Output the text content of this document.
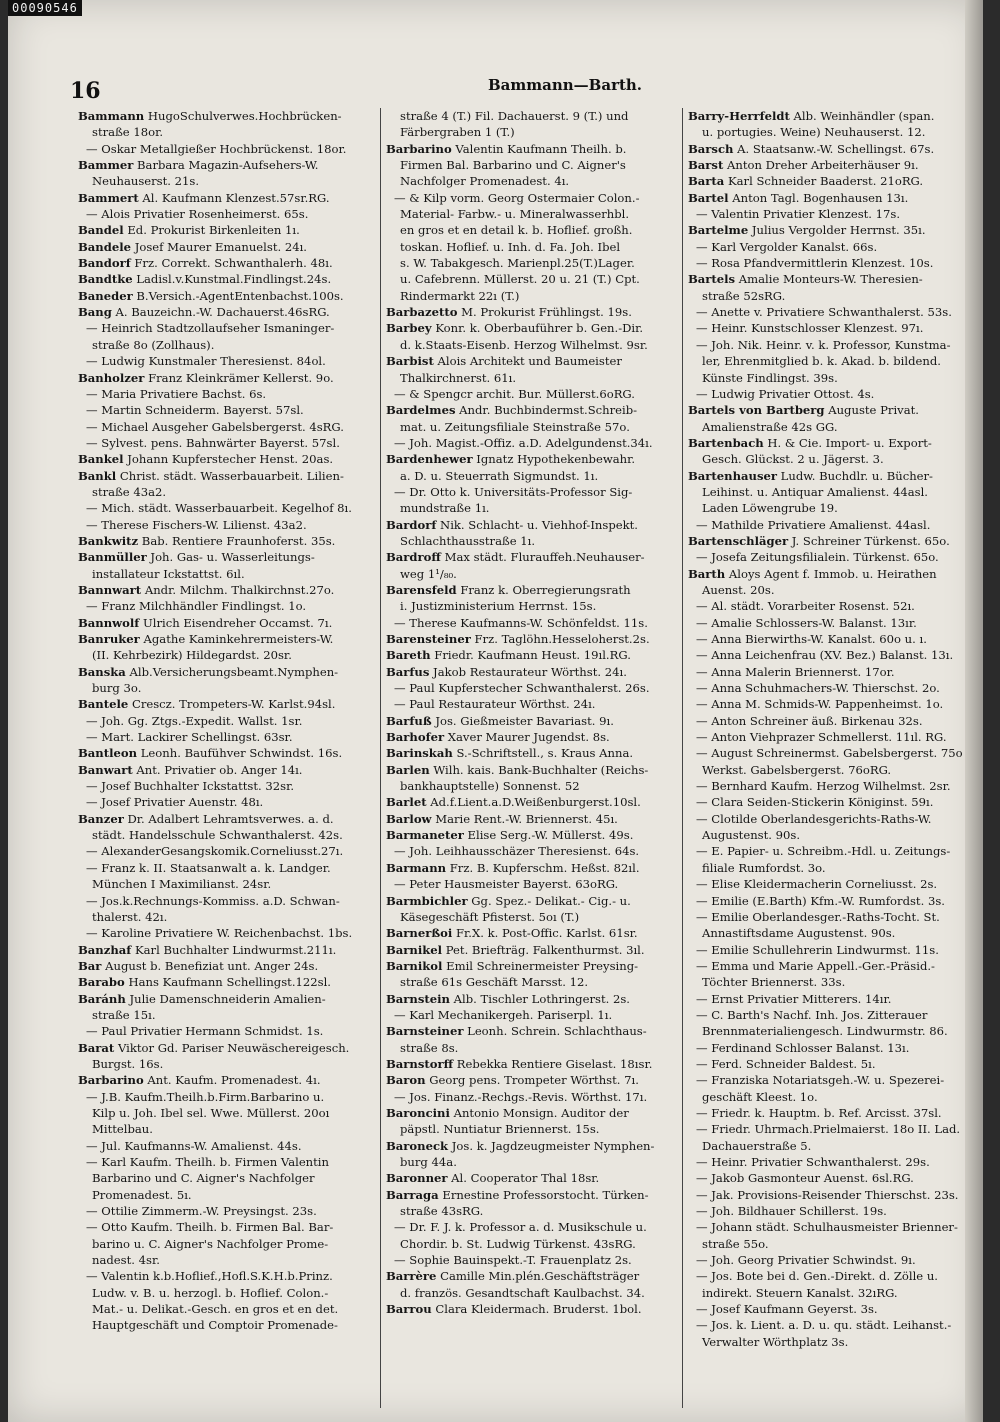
00090546
16	Bammann—Barth.
Bammann HugoSchulverwes.Hochbrücken-
straße 18or.
— Oskar Metallgießer Hochbrückenst. 18or.
Bammer Barbara Magazin-Aufsehers-W.
Neuhauserst. 21s.
Bammert Al. Kaufmann Klenzest.57sr.RG.
— Alois Privatier Rosenheimerst. 65s.
Bandel Ed. Prokurist Birkenleiten 1ı.
Bandele Josef Maurer Emanuelst. 24ı.
Bandorf Frz. Correkt. Schwanthalerh. 48ı.
Bandtke Ladisl.v.Kunstmal.Findlingst.24s.
Baneder B.Versich.-AgentEntenbachst.100s.
Bang A. Bauzeichn.-W. Dachauerst.46sRG.
— Heinrich Stadtzollaufseher Ismaninger-
straße 8o (Zollhaus).
— Ludwig Kunstmaler Theresienst. 84ol.
Banholzer Franz Kleinkrämer Kellerst. 9o.
— Maria Privatiere Bachst. 6s.
— Martin Schneiderm. Bayerst. 57sl.
— Michael Ausgeher Gabelsbergerst. 4sRG.
— Sylvest. pens. Bahnwärter Bayerst. 57sl.
Bankel Johann Kupferstecher Henst. 20as.
Bankl Christ. städt. Wasserbauarbeit. Lilien-
straße 43a2.
— Mich. städt. Wasserbauarbeit. Kegelhof 8ı.
— Therese Fischers-W. Lilienst. 43a2.
Bankwitz Bab. Rentiere Fraunhoferst. 35s.
Banmüller Joh. Gas- u. Wasserleitungs-
installateur Ickstattst. 6ıl.
Bannwart Andr. Milchm. Thalkirchnst.27o.
— Franz Milchhändler Findlingst. 1o.
Bannwolf Ulrich Eisendreher Occamst. 7ı.
Banruker Agathe Kaminkehrermeisters-W.
(II. Kehrbezirk) Hildegardst. 20sr.
Banska Alb.Versicherungsbeamt.Nymphen-
burg 3o.
Bantele Crescz. Trompeters-W. Karlst.94sl.
— Joh. Gg. Ztgs.-Expedit. Wallst. 1sr.
— Mart. Lackirer Schellingst. 63sr.
Bantleon Leonh. Baufühver Schwindst. 16s.
Banwart Ant. Privatier ob. Anger 14ı.
— Josef Buchhalter Ickstattst. 32sr.
— Josef Privatier Auenstr. 48ı.
Banzer Dr. Adalbert Lehramtsverwes. a. d.
städt. Handelsschule Schwanthalerst. 42s.
— AlexanderGesangskomik.Corneliusst.27ı.
— Franz k. II. Staatsanwalt a. k. Landger.
München I Maximilianst. 24sr.
— Jos.k.Rechnungs-Kommiss. a.D. Schwan-
thalerst. 42ı.
— Karoline Privatiere W. Reichenbachst. 1bs.
Banzhaf Karl Buchhalter Lindwurmst.211ı.
Bar August b. Benefiziat unt. Anger 24s.
Barabo Hans Kaufmann Schellingst.122sl.
Baránh Julie Damenschneiderin Amalien-
straße 15ı.
— Paul Privatier Hermann Schmidst. 1s.
Barat Viktor Gd. Pariser Neuwäschereigesch.
Burgst. 16s.
Barbarino Ant. Kaufm. Promenadest. 4ı.
— J.B. Kaufm.Theilh.b.Firm.Barbarino u.
Kilp u. Joh. Ibel sel. Wwe. Müllerst. 20oı
Mittelbau.
— Jul. Kaufmanns-W. Amalienst. 44s.
— Karl Kaufm. Theilh. b. Firmen Valentin
Barbarino und C. Aigner's Nachfolger
Promenadest. 5ı.
— Ottilie Zimmerm.-W. Preysingst. 23s.
— Otto Kaufm. Theilh. b. Firmen Bal. Bar-
barino u. C. Aigner's Nachfolger Prome-
nadest. 4sr.
— Valentin k.b.Hoflief.,Hofl.S.K.H.b.Prinz.
Ludw. v. B. u. herzogl. b. Hoflief. Colon.-
Mat.- u. Delikat.-Gesch. en gros et en det.
Hauptgeschäft und Comptoir Promenade-
straße 4 (T.) Fil. Dachauerst. 9 (T.) und
Färbergraben 1 (T.)
Barbarino Valentin Kaufmann Theilh. b.
Firmen Bal. Barbarino und C. Aigner's
Nachfolger Promenadest. 4ı.
— & Kilp vorm. Georg Ostermaier Colon.-
Material- Farbw.- u. Mineralwasserhbl.
en gros et en detail k. b. Hoflief. großh.
toskan. Hoflief. u. Inh. d. Fa. Joh. Ibel
s. W. Tabakgesch. Marienpl.25(T.)Lager.
u. Cafebrenn. Müllerst. 20 u. 21 (T.) Cpt.
Rindermarkt 22ı (T.)
Barbazetto M. Prokurist Frühlingst. 19s.
Barbey Konr. k. Oberbauführer b. Gen.-Dir.
d. k.Staats-Eisenb. Herzog Wilhelmst. 9sr.
Barbist Alois Architekt und Baumeister
Thalkirchnerst. 61ı.
— & Spengcr archit. Bur. Müllerst.6oRG.
Bardelmes Andr. Buchbindermst.Schreib-
mat. u. Zeitungsfiliale Steinstraße 57o.
— Joh. Magist.-Offiz. a.D. Adelgundenst.34ı.
Bardenhewer Ignatz Hypothekenbewahr.
a. D. u. Steuerrath Sigmundst. 1ı.
— Dr. Otto k. Universitäts-Professor Sig-
mundstraße 1ı.
Bardorf Nik. Schlacht- u. Viehhof-Inspekt.
Schlachthausstraße 1ı.
Bardroff Max städt. Flurauffeh.Neuhauser-
weg 1¹/₈₀.
Barensfeld Franz k. Oberregierungsrath
i. Justizministerium Herrnst. 15s.
— Therese Kaufmanns-W. Schönfeldst. 11s.
Barensteiner Frz. Taglöhn.Hesseloherst.2s.
Bareth Friedr. Kaufmann Heust. 19ıl.RG.
Barfus Jakob Restaurateur Wörthst. 24ı.
— Paul Kupferstecher Schwanthalerst. 26s.
— Paul Restaurateur Wörthst. 24ı.
Barfuß Jos. Gießmeister Bavariast. 9ı.
Barhofer Xaver Maurer Jugendst. 8s.
Barinskah S.-Schriftstell., s. Kraus Anna.
Barlen Wilh. kais. Bank-Buchhalter (Reichs-
bankhauptstelle) Sonnenst. 52
Barlet Ad.f.Lient.a.D.Weißenburgerst.10sl.
Barlow Marie Rent.-W. Briennerst. 45ı.
Barmaneter Elise Serg.-W. Müllerst. 49s.
— Joh. Leihhausschäzer Theresienst. 64s.
Barmann Frz. B. Kupferschm. Heßst. 82ıl.
— Peter Hausmeister Bayerst. 63oRG.
Barmbichler Gg. Spez.- Delikat.- Cig.- u.
Käsegeschäft Pfisterst. 5oı (T.)
Barnerßoi Fr.X. k. Post-Offic. Karlst. 61sr.
Barnikel Pet. Briefträg. Falkenthurmst. 3ıl.
Barnikol Emil Schreinermeister Preysing-
straße 61s Geschäft Marsst. 12.
Barnstein Alb. Tischler Lothringerst. 2s.
— Karl Mechanikergeh. Pariserpl. 1ı.
Barnsteiner Leonh. Schrein. Schlachthaus-
straße 8s.
Barnstorff Rebekka Rentiere Giselast. 18ısr.
Baron Georg pens. Trompeter Wörthst. 7ı.
— Jos. Finanz.-Rechgs.-Revis. Wörthst. 17ı.
Baroncini Antonio Monsign. Auditor der
päpstl. Nuntiatur Briennerst. 15s.
Baroneck Jos. k. Jagdzeugmeister Nymphen-
burg 44a.
Baronner Al. Cooperator Thal 18sr.
Barraga Ernestine Professorstocht. Türken-
straße 43sRG.
— Dr. F. J. k. Professor a. d. Musikschule u.
Chordir. b. St. Ludwig Türkenst. 43sRG.
— Sophie Bauinspekt.-T. Frauenplatz 2s.
Barrère Camille Min.plén.Geschäftsträger
d. französ. Gesandtschaft Kaulbachst. 34.
Barrou Clara Kleidermach. Bruderst. 1bol.
Barry-Herrfeldt Alb. Weinhändler (span.
u. portugies. Weine) Neuhauserst. 12.
Barsch A. Staatsanw.-W. Schellingst. 67s.
Barst Anton Dreher Arbeiterhäuser 9ı.
Barta Karl Schneider Baaderst. 21oRG.
Bartel Anton Tagl. Bogenhausen 13ı.
— Valentin Privatier Klenzest. 17s.
Bartelme Julius Vergolder Herrnst. 35ı.
— Karl Vergolder Kanalst. 66s.
— Rosa Pfandvermittlerin Klenzest. 10s.
Bartels Amalie Monteurs-W. Theresien-
straße 52sRG.
— Anette v. Privatiere Schwanthalerst. 53s.
— Heinr. Kunstschlosser Klenzest. 97ı.
— Joh. Nik. Heinr. v. k. Professor, Kunstma-
ler, Ehrenmitglied b. k. Akad. b. bildend.
Künste Findlingst. 39s.
— Ludwig Privatier Ottost. 4s.
Bartels von Bartberg Auguste Privat.
Amalienstraße 42s GG.
Bartenbach H. & Cie. Import- u. Export-
Gesch. Glückst. 2 u. Jägerst. 3.
Bartenhauser Ludw. Buchdlr. u. Bücher-
Leihinst. u. Antiquar Amalienst. 44asl.
Laden Löwengrube 19.
— Mathilde Privatiere Amalienst. 44asl.
Bartenschläger J. Schreiner Türkenst. 65o.
— Josefa Zeitungsfilialein. Türkenst. 65o.
Barth Aloys Agent f. Immob. u. Heirathen
Auenst. 20s.
— Al. städt. Vorarbeiter Rosenst. 52ı.
— Amalie Schlossers-W. Balanst. 13ır.
— Anna Bierwirths-W. Kanalst. 60o u. ı.
— Anna Leichenfrau (XV. Bez.) Balanst. 13ı.
— Anna Malerin Briennerst. 17or.
— Anna Schuhmachers-W. Thierschst. 2o.
— Anna M. Schmids-W. Pappenheimst. 1o.
— Anton Schreiner äuß. Birkenau 32s.
— Anton Viehprazer Schmellerst. 11ıl. RG.
— August Schreinermst. Gabelsbergerst. 75o
Werkst. Gabelsbergerst. 76oRG.
— Bernhard Kaufm. Herzog Wilhelmst. 2sr.
— Clara Seiden-Stickerin Königinst. 59ı.
— Clotilde Oberlandesgerichts-Raths-W.
Augustenst. 90s.
— E. Papier- u. Schreibm.-Hdl. u. Zeitungs-
filiale Rumfordst. 3o.
— Elise Kleidermacherin Corneliusst. 2s.
— Emilie (E.Barth) Kfm.-W. Rumfordst. 3s.
— Emilie Oberlandesger.-Raths-Tocht. St.
Annastiftsdame Augustenst. 90s.
— Emilie Schullehrerin Lindwurmst. 11s.
— Emma und Marie Appell.-Ger.-Präsid.-
Töchter Briennerst. 33s.
— Ernst Privatier Mitterers. 14ır.
— C. Barth's Nachf. Inh. Jos. Zitterauer
Brennmaterialiengesch. Lindwurmstr. 86.
— Ferdinand Schlosser Balanst. 13ı.
— Ferd. Schneider Baldest. 5ı.
— Franziska Notariatsgeh.-W. u. Spezerei-
geschäft Kleest. 1o.
— Friedr. k. Hauptm. b. Ref. Arcisst. 37sl.
— Friedr. Uhrmach.Prielmaierst. 18o II. Lad.
Dachauerstraße 5.
— Heinr. Privatier Schwanthalerst. 29s.
— Jakob Gasmonteur Auenst. 6sl.RG.
— Jak. Provisions-Reisender Thierschst. 23s.
— Joh. Bildhauer Schillerst. 19s.
— Johann städt. Schulhausmeister Brienner-
straße 55o.
— Joh. Georg Privatier Schwindst. 9ı.
— Jos. Bote bei d. Gen.-Direkt. d. Zölle u.
indirekt. Steuern Kanalst. 32ıRG.
— Josef Kaufmann Geyerst. 3s.
— Jos. k. Lient. a. D. u. qu. städt. Leihanst.-
Verwalter Wörthplatz 3s.
